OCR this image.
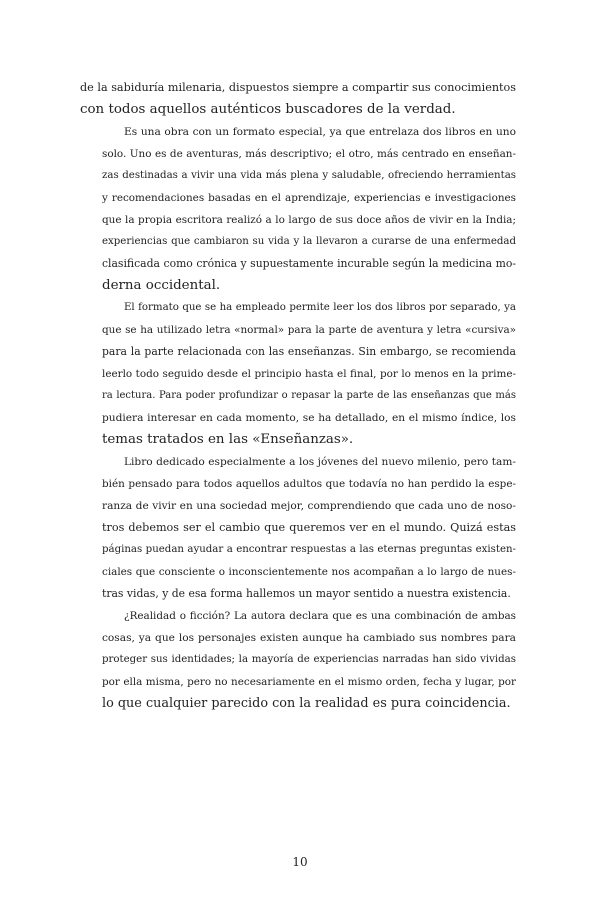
de la sabiduría milenaria, dispuestos siempre a compartir sus conocimientos
con todos aquellos auténticos buscadores de la verdad.

Es una obra con un formato especial, ya que entrelaza dos libros en uno
solo. Uno es de aventuras, más descriptivo; el otro, más centrado en enseñan-
zas destinadas a vivir una vida más plena y saludable, ofreciendo herramientas
y recomendaciones basadas en el aprendizaje, experiencias e investigaciones
que la propia escritora realizó a lo largo de sus doce años de vivir en la India;
experiencias que cambiaron su vida y la llevaron a curarse de una enfermedad
clasificada como crónica y supuestamente incurable según la medicina mo-
derna occidental.

El formato que se ha empleado permite leer los dos libros por separado, ya
que se ha utilizado letra «normal» para la parte de aventura y letra «cursiva»
para la parte relacionada con las enseñanzas. Sin embargo, se recomienda
leerlo todo seguido desde el principio hasta el final, por lo menos en la prime-
ra lectura. Para poder profundizar o repasar la parte de las enseñanzas que más
pudiera interesar en cada momento, se ha detallado, en el mismo índice, los
temas tratados en las «Enseñanzas».

Libro dedicado especialmente a los jóvenes del nuevo milenio, pero tam-
bién pensado para todos aquellos adultos que todavía no han perdido la espe-
ranza de vivir en una sociedad mejor, comprendiendo que cada uno de noso-
tros debemos ser el cambio que queremos ver en el mundo. Quizá estas
páginas puedan ayudar a encontrar respuestas a las eternas preguntas existen-
ciales que consciente o inconscientemente nos acompañan a lo largo de nues-
tras vidas, y de esa forma hallemos un mayor sentido a nuestra existencia.

¿Realidad o ficción? La autora declara que es una combinación de ambas
cosas, ya que los personajes existen aunque ha cambiado sus nombres para
proteger sus identidades; la mayoría de experiencias narradas han sido vividas
por ella misma, pero no necesariamente en el mismo orden, fecha y lugar, por
lo que cualquier parecido con la realidad es pura coincidencia.

10
